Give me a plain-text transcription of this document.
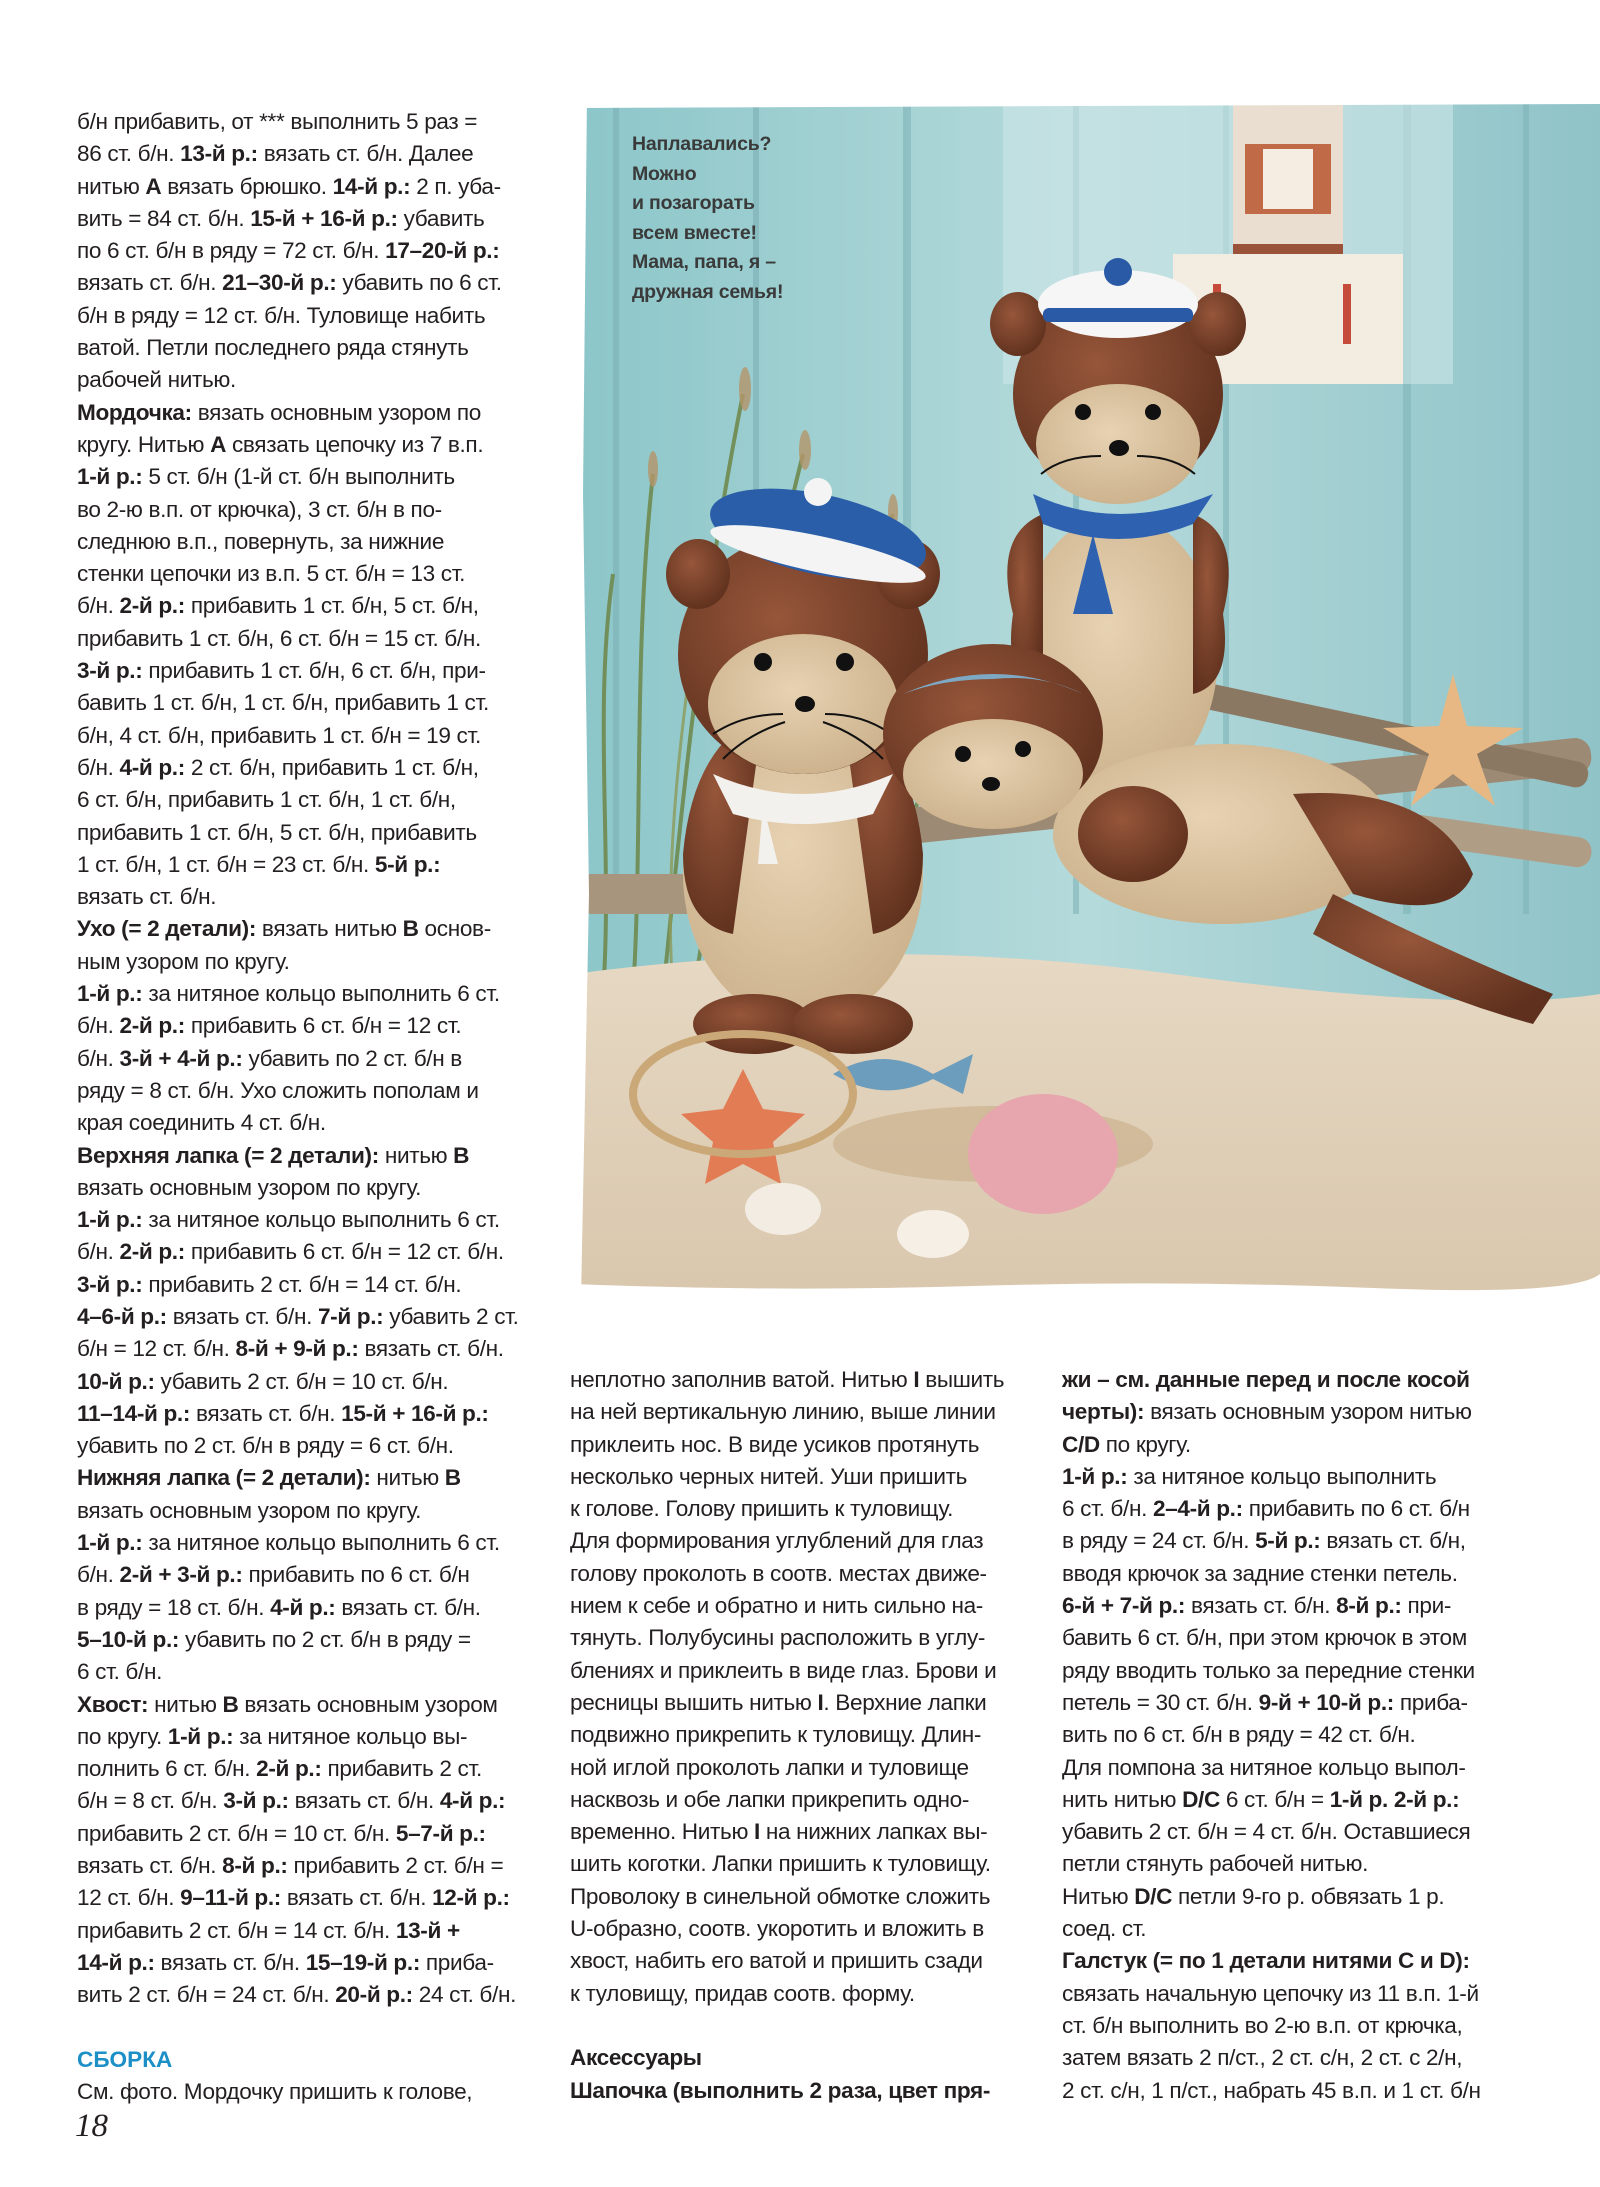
Наплавались?
Можно
и позагорать
всем вместе!
Мама, папа, я –
дружная семья!
б/н прибавить, от *** выполнить 5 раз =
86 ст. б/н. 13-й р.: вязать ст. б/н. Далее
нитью A вязать брюшко. 14-й р.: 2 п. уба-
вить = 84 ст. б/н. 15-й + 16-й р.: убавить
по 6 ст. б/н в ряду = 72 ст. б/н. 17–20-й р.:
вязать ст. б/н. 21–30-й р.: убавить по 6 ст.
б/н в ряду = 12 ст. б/н. Туловище набить
ватой. Петли последнего ряда стянуть
рабочей нитью.
Мордочка: вязать основным узором по
кругу. Нитью A связать цепочку из 7 в.п.
1-й р.: 5 ст. б/н (1-й ст. б/н выполнить
во 2-ю в.п. от крючка), 3 ст. б/н в по-
следнюю в.п., повернуть, за нижние
стенки цепочки из в.п. 5 ст. б/н = 13 ст.
б/н. 2-й р.: прибавить 1 ст. б/н, 5 ст. б/н,
прибавить 1 ст. б/н, 6 ст. б/н = 15 ст. б/н.
3-й р.: прибавить 1 ст. б/н, 6 ст. б/н, при-
бавить 1 ст. б/н, 1 ст. б/н, прибавить 1 ст.
б/н, 4 ст. б/н, прибавить 1 ст. б/н = 19 ст.
б/н. 4-й р.: 2 ст. б/н, прибавить 1 ст. б/н,
6 ст. б/н, прибавить 1 ст. б/н, 1 ст. б/н,
прибавить 1 ст. б/н, 5 ст. б/н, прибавить
1 ст. б/н, 1 ст. б/н = 23 ст. б/н. 5-й р.:
вязать ст. б/н.
Ухо (= 2 детали): вязать нитью B основ-
ным узором по кругу.
1-й р.: за нитяное кольцо выполнить 6 ст.
б/н. 2-й р.: прибавить 6 ст. б/н = 12 ст.
б/н. 3-й + 4-й р.: убавить по 2 ст. б/н в
ряду = 8 ст. б/н. Ухо сложить пополам и
края соединить 4 ст. б/н.
Верхняя лапка (= 2 детали): нитью B
вязать основным узором по кругу.
1-й р.: за нитяное кольцо выполнить 6 ст.
б/н. 2-й р.: прибавить 6 ст. б/н = 12 ст. б/н.
3-й р.: прибавить 2 ст. б/н = 14 ст. б/н.
4–6-й р.: вязать ст. б/н. 7-й р.: убавить 2 ст.
б/н = 12 ст. б/н. 8-й + 9-й р.: вязать ст. б/н.
10-й р.: убавить 2 ст. б/н = 10 ст. б/н.
11–14-й р.: вязать ст. б/н. 15-й + 16-й р.:
убавить по 2 ст. б/н в ряду = 6 ст. б/н.
Нижняя лапка (= 2 детали): нитью B
вязать основным узором по кругу.
1-й р.: за нитяное кольцо выполнить 6 ст.
б/н. 2-й + 3-й р.: прибавить по 6 ст. б/н
в ряду = 18 ст. б/н. 4-й р.: вязать ст. б/н.
5–10-й р.: убавить по 2 ст. б/н в ряду =
6 ст. б/н.
Хвост: нитью B вязать основным узором
по кругу. 1-й р.: за нитяное кольцо вы-
полнить 6 ст. б/н. 2-й р.: прибавить 2 ст.
б/н = 8 ст. б/н. 3-й р.: вязать ст. б/н. 4-й р.:
прибавить 2 ст. б/н = 10 ст. б/н. 5–7-й р.:
вязать ст. б/н. 8-й р.: прибавить 2 ст. б/н =
12 ст. б/н. 9–11-й р.: вязать ст. б/н. 12-й р.:
прибавить 2 ст. б/н = 14 ст. б/н. 13-й +
14-й р.: вязать ст. б/н. 15–19-й р.: приба-
вить 2 ст. б/н = 24 ст. б/н. 20-й р.: 24 ст. б/н.
СБОРКА
См. фото. Мордочку пришить к голове,
неплотно заполнив ватой. Нитью I вышить
на ней вертикальную линию, выше линии
приклеить нос. В виде усиков протянуть
несколько черных нитей. Уши пришить
к голове. Голову пришить к туловищу.
Для формирования углублений для глаз
голову проколоть в соотв. местах движе-
нием к себе и обратно и нить сильно на-
тянуть. Полубусины расположить в углу-
блениях и приклеить в виде глаз. Брови и
ресницы вышить нитью I. Верхние лапки
подвижно прикрепить к туловищу. Длин-
ной иглой проколоть лапки и туловище
насквозь и обе лапки прикрепить одно-
временно. Нитью I на нижних лапках вы-
шить коготки. Лапки пришить к туловищу.
Проволоку в синельной обмотке сложить
U-образно, соотв. укоротить и вложить в
хвост, набить его ватой и пришить сзади
к туловищу, придав соотв. форму.
Аксессуары
Шапочка (выполнить 2 раза, цвет пря-
жи – см. данные перед и после косой
черты): вязать основным узором нитью
C/D по кругу.
1-й р.: за нитяное кольцо выполнить
6 ст. б/н. 2–4-й р.: прибавить по 6 ст. б/н
в ряду = 24 ст. б/н. 5-й р.: вязать ст. б/н,
вводя крючок за задние стенки петель.
6-й + 7-й р.: вязать ст. б/н. 8-й р.: при-
бавить 6 ст. б/н, при этом крючок в этом
ряду вводить только за передние стенки
петель = 30 ст. б/н. 9-й + 10-й р.: приба-
вить по 6 ст. б/н в ряду = 42 ст. б/н.
Для помпона за нитяное кольцо выпол-
нить нитью D/C 6 ст. б/н = 1-й р. 2-й р.:
убавить 2 ст. б/н = 4 ст. б/н. Оставшиеся
петли стянуть рабочей нитью.
Нитью D/C петли 9-го р. обвязать 1 р.
соед. ст.
Галстук (= по 1 детали нитями C и D):
связать начальную цепочку из 11 в.п. 1-й
ст. б/н выполнить во 2-ю в.п. от крючка,
затем вязать 2 п/ст., 2 ст. с/н, 2 ст. с 2/н,
2 ст. с/н, 1 п/ст., набрать 45 в.п. и 1 ст. б/н
18
